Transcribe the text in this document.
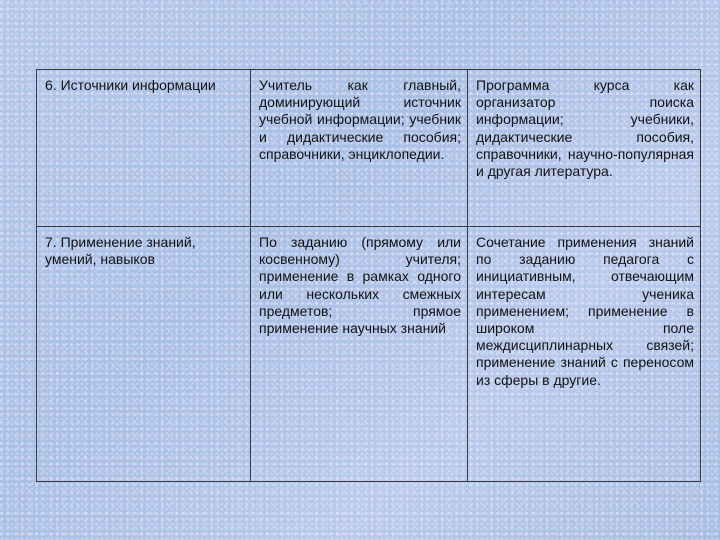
6. Источники информации	Учитель как главный, доминирующий источник учебной информации; учебник и дидактические пособия; справочники, энциклопедии.	Программа курса как организатор поиска информации; учебники, дидактические пособия, справочники, научно-популярная и другая литература.
7. Применение знаний, умений, навыков	По заданию (прямому или косвенному) учителя; применение в рамках одного или нескольких смежных предметов; прямое применение научных знаний	Сочетание применения знаний по заданию педагога с инициативным, отвечающим интересам ученика применением; применение в широком поле междисциплинарных связей; применение знаний с переносом из сферы в другие.
